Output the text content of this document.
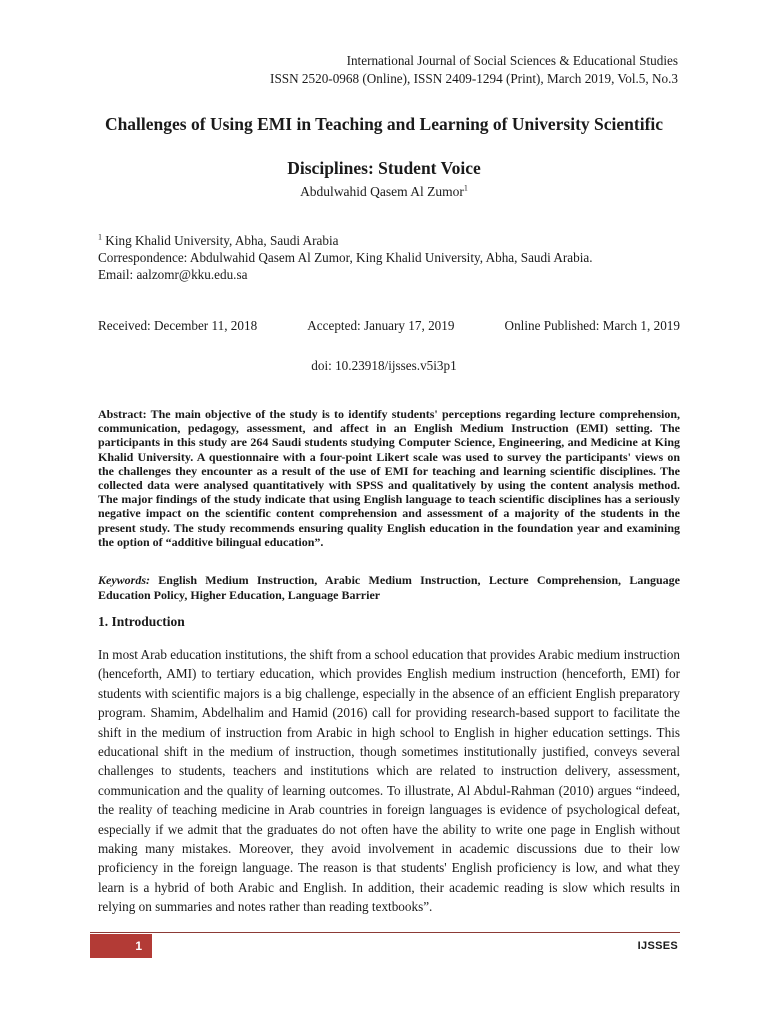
International Journal of Social Sciences & Educational Studies
ISSN 2520-0968 (Online), ISSN 2409-1294 (Print), March 2019, Vol.5, No.3
Challenges of Using EMI in Teaching and Learning of University Scientific
Disciplines: Student Voice
Abdulwahid Qasem Al Zumor$^1$
$^1$ King Khalid University, Abha, Saudi Arabia
Correspondence: Abdulwahid Qasem Al Zumor, King Khalid University, Abha, Saudi Arabia.
Email: aalzomr@kku.edu.sa
Received: December 11, 2018	Accepted: January 17, 2019	Online Published: March 1, 2019
doi: 10.23918/ijsses.v5i3p1

Abstract: The main objective of the study is to identify students' perceptions regarding lecture comprehension, communication, pedagogy, assessment, and affect in an English Medium Instruction (EMI) setting. The participants in this study are 264 Saudi students studying Computer Science, Engineering, and Medicine at King Khalid University. A questionnaire with a four-point Likert scale was used to survey the participants' views on the challenges they encounter as a result of the use of EMI for teaching and learning scientific disciplines. The collected data were analysed quantitatively with SPSS and qualitatively by using the content analysis method. The major findings of the study indicate that using English language to teach scientific disciplines has a seriously negative impact on the scientific content comprehension and assessment of a majority of the students in the present study. The study recommends ensuring quality English education in the foundation year and examining the option of “additive bilingual education”.

Keywords: English Medium Instruction, Arabic Medium Instruction, Lecture Comprehension, Language Education Policy, Higher Education, Language Barrier

1. Introduction

In most Arab education institutions, the shift from a school education that provides Arabic medium instruction (henceforth, AMI) to tertiary education, which provides English medium instruction (henceforth, EMI) for students with scientific majors is a big challenge, especially in the absence of an efficient English preparatory program. Shamim, Abdelhalim and Hamid (2016) call for providing research-based support to facilitate the shift in the medium of instruction from Arabic in high school to English in higher education settings. This educational shift in the medium of instruction, though sometimes institutionally justified, conveys several challenges to students, teachers and institutions which are related to instruction delivery, assessment, communication and the quality of learning outcomes. To illustrate, Al Abdul-Rahman (2010) argues “indeed, the reality of teaching medicine in Arab countries in foreign languages is evidence of psychological defeat, especially if we admit that the graduates do not often have the ability to write one page in English without making many mistakes. Moreover, they avoid involvement in academic discussions due to their low proficiency in the foreign language. The reason is that students' English proficiency is low, and what they learn is a hybrid of both Arabic and English. In addition, their academic reading is slow which results in relying on summaries and notes rather than reading textbooks”.

1	IJSSES
